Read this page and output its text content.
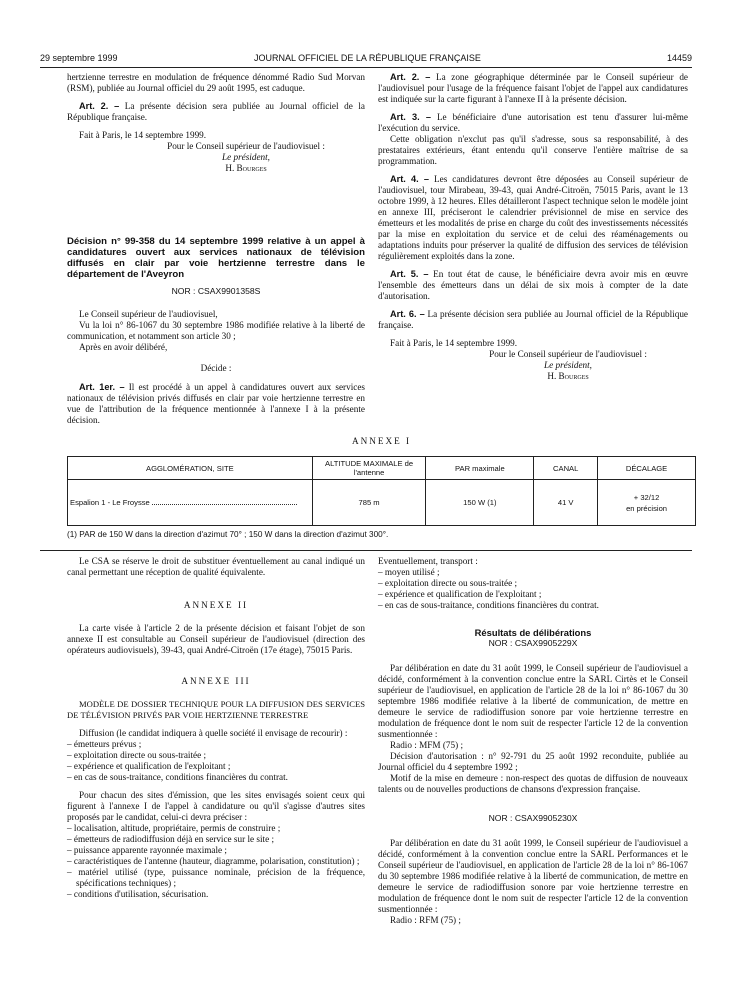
29 septembre 1999	JOURNAL OFFICIEL DE LA RÉPUBLIQUE FRANÇAISE	14459

hertzienne terrestre en modulation de fréquence dénommé Radio Sud Morvan (RSM), publiée au Journal officiel du 29 août 1995, est caduque.

Art. 2. – La présente décision sera publiée au Journal officiel de la République française.

Fait à Paris, le 14 septembre 1999.

Pour le Conseil supérieur de l'audiovisuel :

Le président,

H. Bourges

Décision n° 99-358 du 14 septembre 1999 relative à un appel à candidatures ouvert aux services nationaux de télévision diffusés en clair par voie hertzienne terrestre dans le département de l'Aveyron

NOR : CSAX9901358S

Le Conseil supérieur de l'audiovisuel,

Vu la loi n° 86-1067 du 30 septembre 1986 modifiée relative à la liberté de communication, et notamment son article 30 ;

Après en avoir délibéré,

Décide :

Art. 1er. – Il est procédé à un appel à candidatures ouvert aux services nationaux de télévision privés diffusés en clair par voie hertzienne terrestre en vue de l'attribution de la fréquence mentionnée à l'annexe I à la présente décision.

Art. 2. – La zone géographique déterminée par le Conseil supérieur de l'audiovisuel pour l'usage de la fréquence faisant l'objet de l'appel aux candidatures est indiquée sur la carte figurant à l'annexe II à la présente décision.

Art. 3. – Le bénéficiaire d'une autorisation est tenu d'assurer lui-même l'exécution du service.

Cette obligation n'exclut pas qu'il s'adresse, sous sa responsabilité, à des prestataires extérieurs, étant entendu qu'il conserve l'entière maîtrise de sa programmation.

Art. 4. – Les candidatures devront être déposées au Conseil supérieur de l'audiovisuel, tour Mirabeau, 39-43, quai André-Citroën, 75015 Paris, avant le 13 octobre 1999, à 12 heures. Elles détailleront l'aspect technique selon le modèle joint en annexe III, préciseront le calendrier prévisionnel de mise en service des émetteurs et les modalités de prise en charge du coût des investissements nécessités par la mise en exploitation du service et de celui des réaménagements ou adaptations induits pour préserver la qualité de diffusion des services de télévision régulièrement exploités dans la zone.

Art. 5. – En tout état de cause, le bénéficiaire devra avoir mis en œuvre l'ensemble des émetteurs dans un délai de six mois à compter de la date d'autorisation.

Art. 6. – La présente décision sera publiée au Journal officiel de la République française.

Fait à Paris, le 14 septembre 1999.

Pour le Conseil supérieur de l'audiovisuel :

Le président,

H. Bourges

ANNEXE I
AGGLOMÉRATION, SITE	ALTITUDE MAXIMALE de l'antenne	PAR maximale	CANAL	DÉCALAGE
Espalion 1 - Le Froysse	785 m	150 W (1)	41 V	+ 32/12
en précision
(1) PAR de 150 W dans la direction d'azimut 70° ; 150 W dans la direction d'azimut 300°.

Le CSA se réserve le droit de substituer éventuellement au canal indiqué un canal permettant une réception de qualité équivalente.

ANNEXE II

La carte visée à l'article 2 de la présente décision et faisant l'objet de son annexe II est consultable au Conseil supérieur de l'audiovisuel (direction des opérateurs audiovisuels), 39-43, quai André-Citroën (17e étage), 75015 Paris.

ANNEXE III

MODÈLE DE DOSSIER TECHNIQUE POUR LA DIFFUSION DES SERVICES DE TÉLÉVISION PRIVÉS PAR VOIE HERTZIENNE TERRESTRE

Diffusion (le candidat indiquera à quelle société il envisage de recourir) :

– émetteurs prévus ;
– exploitation directe ou sous-traitée ;
– expérience et qualification de l'exploitant ;
– en cas de sous-traitance, conditions financières du contrat.

Pour chacun des sites d'émission, que les sites envisagés soient ceux qui figurent à l'annexe I de l'appel à candidature ou qu'il s'agisse d'autres sites proposés par le candidat, celui-ci devra préciser :

– localisation, altitude, propriétaire, permis de construire ;
– émetteurs de radiodiffusion déjà en service sur le site ;
– puissance apparente rayonnée maximale ;
– caractéristiques de l'antenne (hauteur, diagramme, polarisation, constitution) ;
– matériel utilisé (type, puissance nominale, précision de la fréquence, spécifications techniques) ;
– conditions d'utilisation, sécurisation.

Eventuellement, transport :

– moyen utilisé ;
– exploitation directe ou sous-traitée ;
– expérience et qualification de l'exploitant ;
– en cas de sous-traitance, conditions financières du contrat.

Résultats de délibérations

NOR : CSAX9905229X

Par délibération en date du 31 août 1999, le Conseil supérieur de l'audiovisuel a décidé, conformément à la convention conclue entre la SARL Cirtès et le Conseil supérieur de l'audiovisuel, en application de l'article 28 de la loi n° 86-1067 du 30 septembre 1986 modifiée relative à la liberté de communication, de mettre en demeure le service de radiodiffusion sonore par voie hertzienne terrestre en modulation de fréquence dont le nom suit de respecter l'article 12 de la convention susmentionnée :

Radio : MFM (75) ;

Décision d'autorisation : n° 92-791 du 25 août 1992 reconduite, publiée au Journal officiel du 4 septembre 1992 ;

Motif de la mise en demeure : non-respect des quotas de diffusion de nouveaux talents ou de nouvelles productions de chansons d'expression française.

NOR : CSAX9905230X

Par délibération en date du 31 août 1999, le Conseil supérieur de l'audiovisuel a décidé, conformément à la convention conclue entre la SARL Performances et le Conseil supérieur de l'audiovisuel, en application de l'article 28 de la loi n° 86-1067 du 30 septembre 1986 modifiée relative à la liberté de communication, de mettre en demeure le service de radiodiffusion sonore par voie hertzienne terrestre en modulation de fréquence dont le nom suit de respecter l'article 12 de la convention susmentionnée :

Radio : RFM (75) ;
